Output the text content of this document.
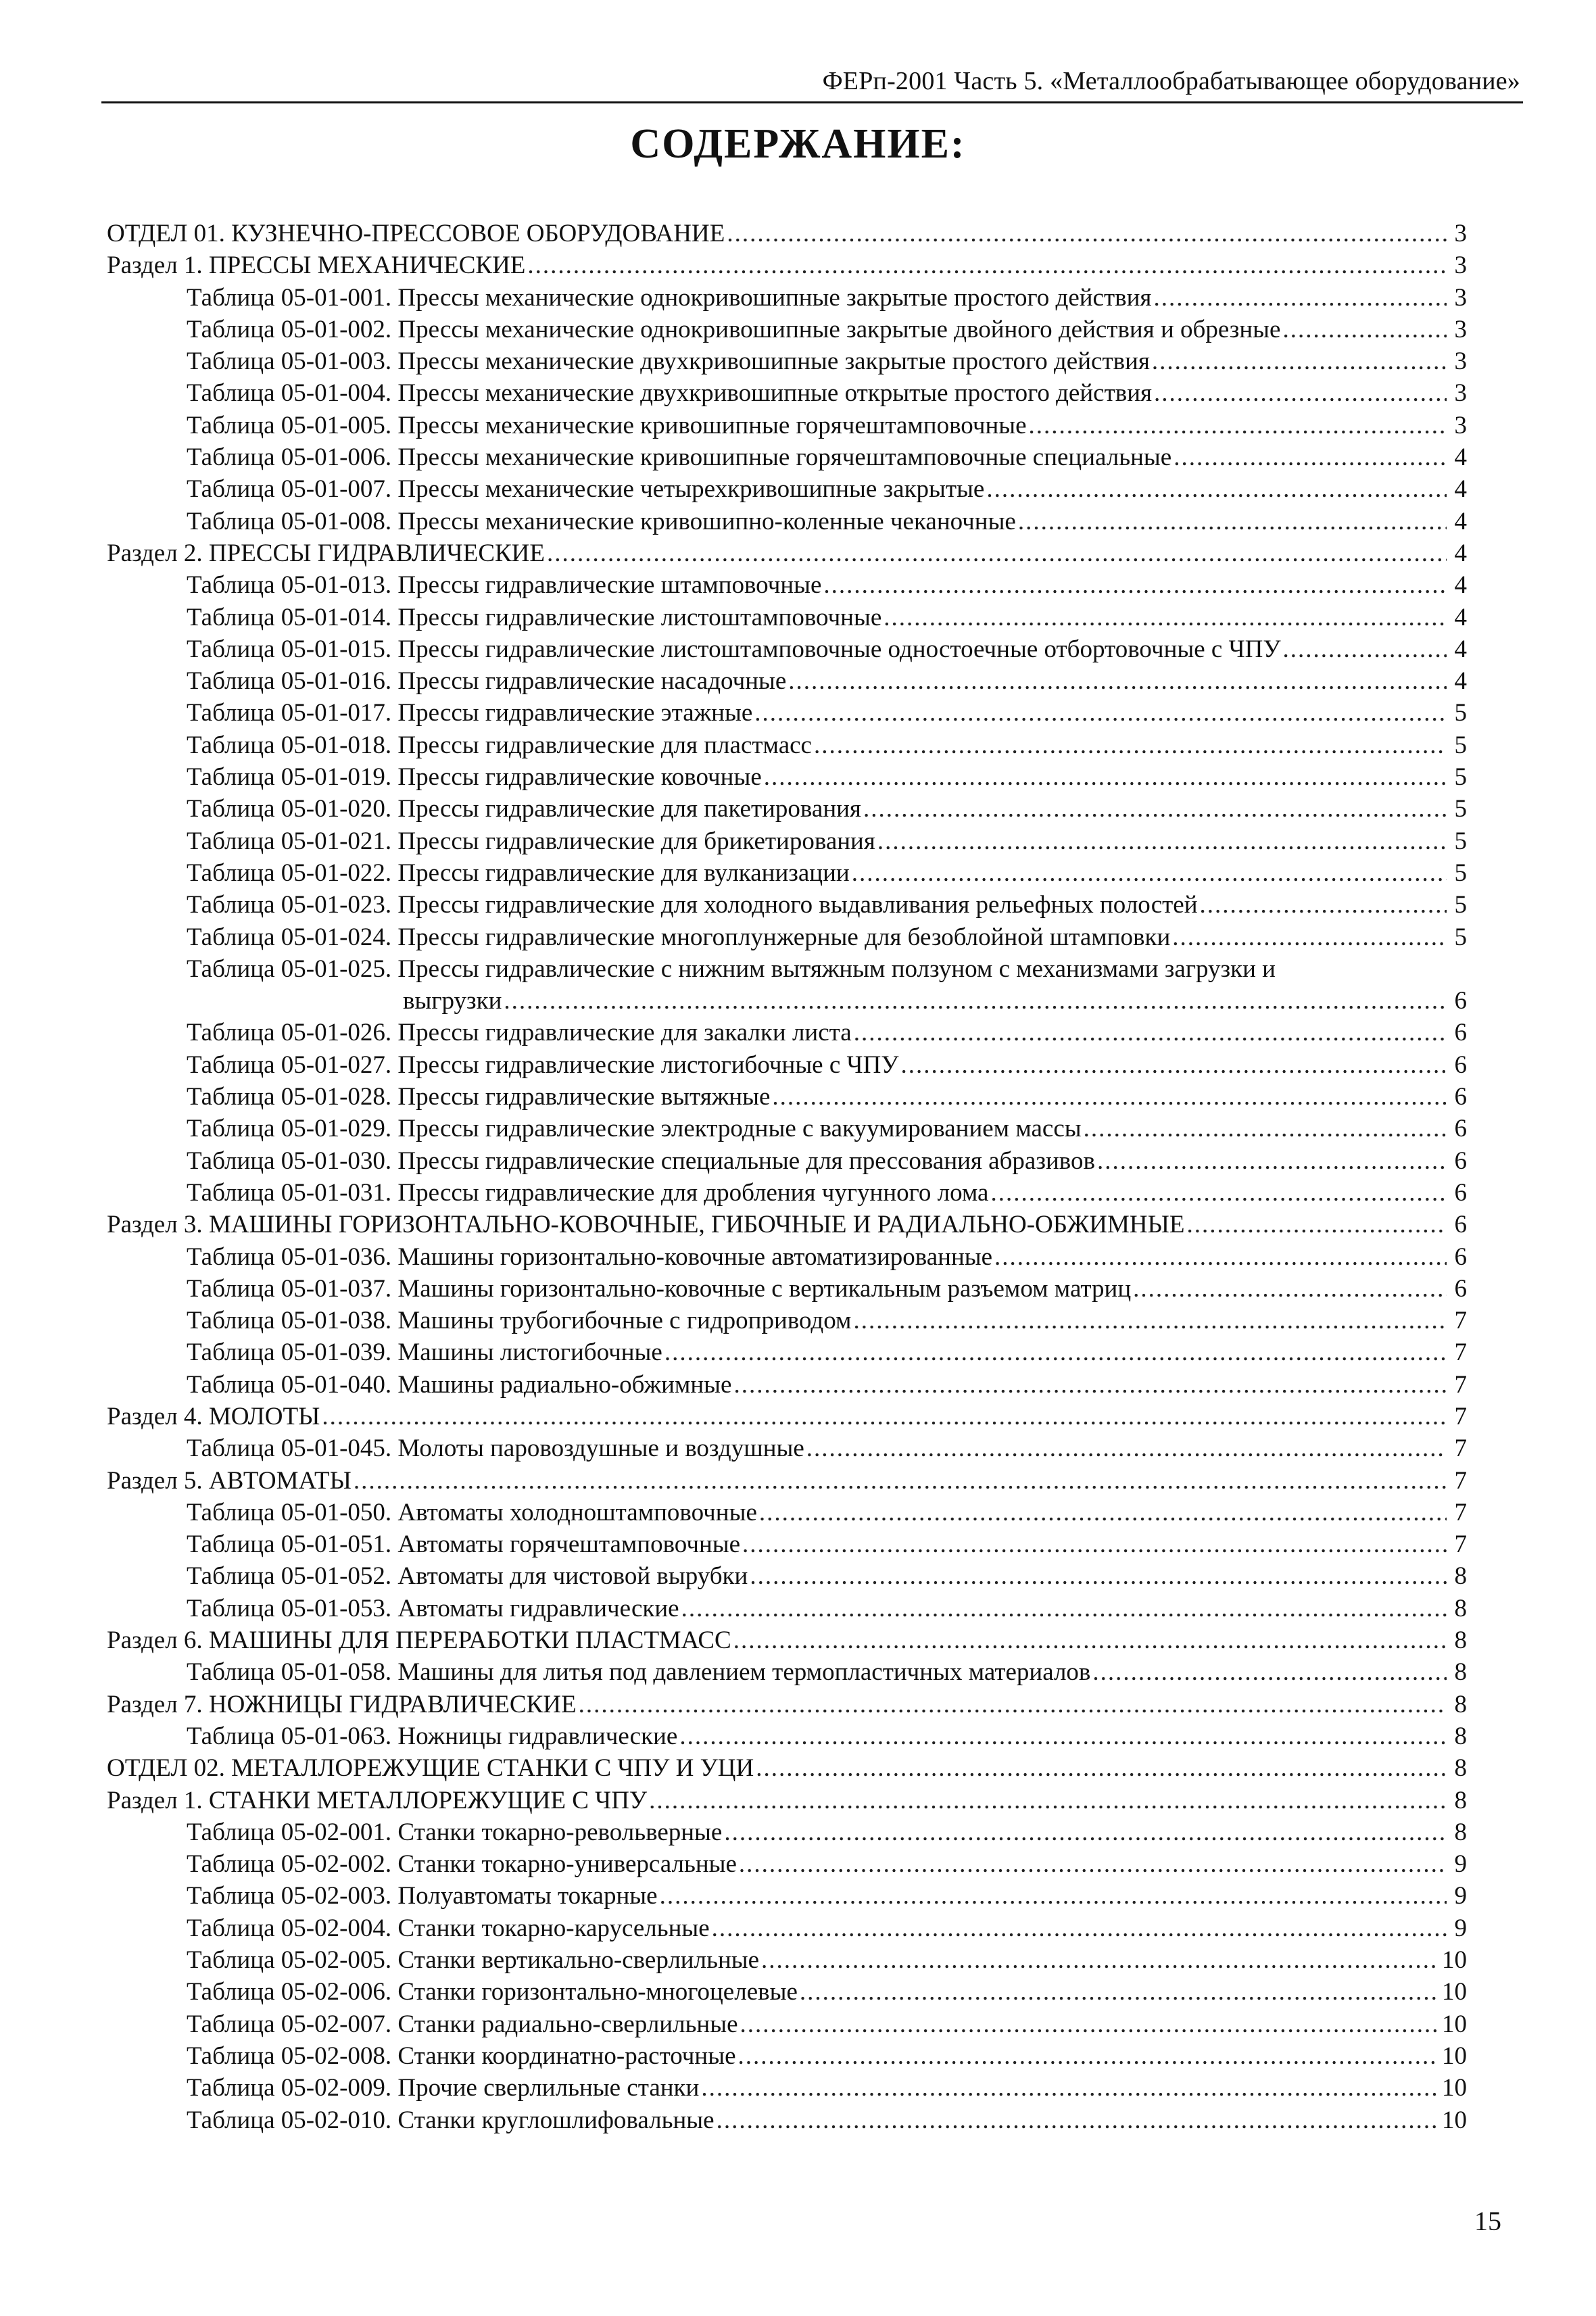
ФЕРп-2001 Часть 5. «Металлообрабатывающее оборудование»
СОДЕРЖАНИЕ:
ОТДЕЛ 01. КУЗНЕЧНО-ПРЕССОВОЕ ОБОРУДОВАНИЕ .....	3
Раздел 1. ПРЕССЫ МЕХАНИЧЕСКИЕ .....	3
Таблица 05-01-001. Прессы механические однокривошипные закрытые простого действия .....	3
Таблица 05-01-002. Прессы механические однокривошипные закрытые двойного действия и обрезные .....	3
Таблица 05-01-003. Прессы механические двухкривошипные закрытые простого действия .....	3
Таблица 05-01-004. Прессы механические двухкривошипные открытые простого действия .....	3
Таблица 05-01-005. Прессы механические кривошипные горячештамповочные .....	3
Таблица 05-01-006. Прессы механические кривошипные горячештамповочные специальные .....	4
Таблица 05-01-007. Прессы механические четырехкривошипные закрытые .....	4
Таблица 05-01-008. Прессы механические кривошипно-коленные чеканочные .....	4
Раздел 2. ПРЕССЫ ГИДРАВЛИЧЕСКИЕ .....	4
Таблица 05-01-013. Прессы гидравлические штамповочные .....	4
Таблица 05-01-014. Прессы гидравлические листоштамповочные .....	4
Таблица 05-01-015. Прессы гидравлические листоштамповочные одностоечные отбортовочные с ЧПУ .....	4
Таблица 05-01-016. Прессы гидравлические насадочные .....	4
Таблица 05-01-017. Прессы гидравлические этажные .....	5
Таблица 05-01-018. Прессы гидравлические для пластмасс .....	5
Таблица 05-01-019. Прессы гидравлические ковочные .....	5
Таблица 05-01-020. Прессы гидравлические для пакетирования .....	5
Таблица 05-01-021. Прессы гидравлические для брикетирования .....	5
Таблица 05-01-022. Прессы гидравлические для вулканизации .....	5
Таблица 05-01-023. Прессы гидравлические для холодного выдавливания рельефных полостей .....	5
Таблица 05-01-024. Прессы гидравлические многоплунжерные для безоблойной штамповки .....	5
Таблица 05-01-025. Прессы гидравлические с нижним вытяжным ползуном с механизмами загрузки и
выгрузки .....	6
Таблица 05-01-026. Прессы гидравлические для закалки листа .....	6
Таблица 05-01-027. Прессы гидравлические листогибочные с ЧПУ .....	6
Таблица 05-01-028. Прессы гидравлические вытяжные .....	6
Таблица 05-01-029. Прессы гидравлические электродные с вакуумированием массы .....	6
Таблица 05-01-030. Прессы гидравлические специальные для прессования абразивов .....	6
Таблица 05-01-031. Прессы гидравлические для дробления чугунного лома .....	6
Раздел 3. МАШИНЫ ГОРИЗОНТАЛЬНО-КОВОЧНЫЕ, ГИБОЧНЫЕ И РАДИАЛЬНО-ОБЖИМНЫЕ .....	6
Таблица 05-01-036. Машины горизонтально-ковочные автоматизированные .....	6
Таблица 05-01-037. Машины горизонтально-ковочные с вертикальным разъемом матриц .....	6
Таблица 05-01-038. Машины трубогибочные с гидроприводом .....	7
Таблица 05-01-039. Машины листогибочные .....	7
Таблица 05-01-040. Машины радиально-обжимные .....	7
Раздел 4. МОЛОТЫ .....	7
Таблица 05-01-045. Молоты паровоздушные и воздушные .....	7
Раздел 5. АВТОМАТЫ .....	7
Таблица 05-01-050. Автоматы холодноштамповочные .....	7
Таблица 05-01-051. Автоматы горячештамповочные .....	7
Таблица 05-01-052. Автоматы для чистовой вырубки .....	8
Таблица 05-01-053. Автоматы гидравлические .....	8
Раздел 6. МАШИНЫ ДЛЯ ПЕРЕРАБОТКИ ПЛАСТМАСС .....	8
Таблица 05-01-058. Машины для литья под давлением термопластичных материалов .....	8
Раздел 7. НОЖНИЦЫ ГИДРАВЛИЧЕСКИЕ .....	8
Таблица 05-01-063. Ножницы гидравлические .....	8
ОТДЕЛ 02. МЕТАЛЛОРЕЖУЩИЕ СТАНКИ С ЧПУ И УЦИ .....	8
Раздел 1. СТАНКИ МЕТАЛЛОРЕЖУЩИЕ С ЧПУ .....	8
Таблица 05-02-001. Станки токарно-револьверные .....	8
Таблица 05-02-002. Станки токарно-универсальные .....	9
Таблица 05-02-003. Полуавтоматы токарные .....	9
Таблица 05-02-004. Станки токарно-карусельные .....	9
Таблица 05-02-005. Станки вертикально-сверлильные .....	10
Таблица 05-02-006. Станки горизонтально-многоцелевые .....	10
Таблица 05-02-007. Станки радиально-сверлильные .....	10
Таблица 05-02-008. Станки координатно-расточные .....	10
Таблица 05-02-009. Прочие сверлильные станки .....	10
Таблица 05-02-010. Станки круглошлифовальные .....	10
15
